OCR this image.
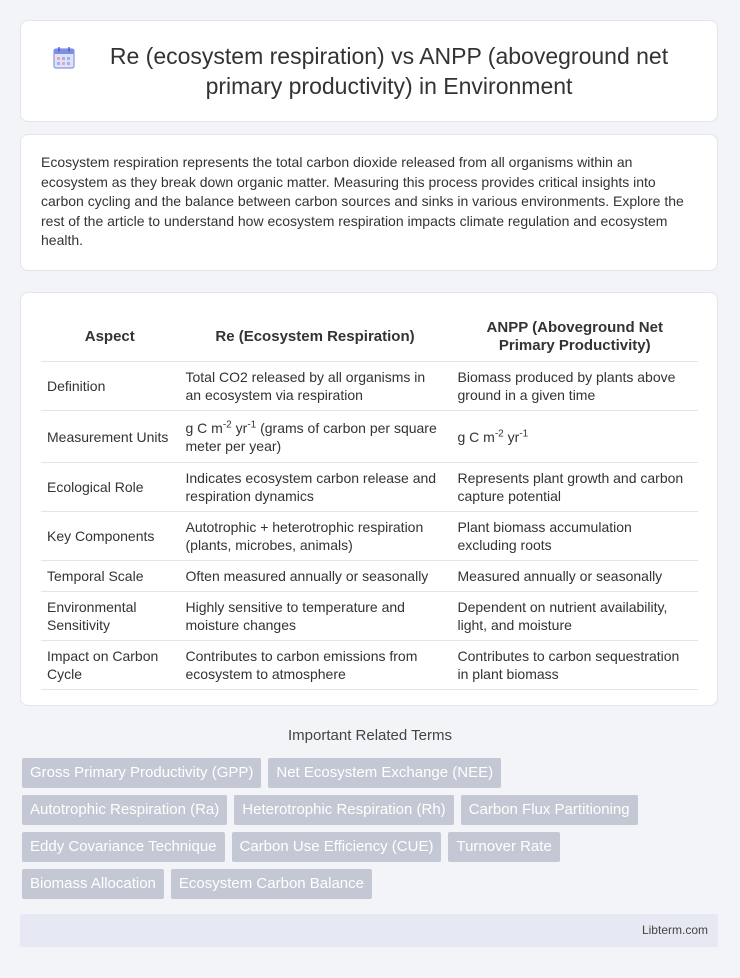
Re (ecosystem respiration) vs ANPP (aboveground net primary productivity) in Environment

Ecosystem respiration represents the total carbon dioxide released from all organisms within an ecosystem as they break down organic matter. Measuring this process provides critical insights into carbon cycling and the balance between carbon sources and sinks in various environments. Explore the rest of the article to understand how ecosystem respiration impacts climate regulation and ecosystem health.

Aspect	Re (Ecosystem Respiration)	ANPP (Aboveground Net Primary Productivity)
Definition	Total CO2 released by all organisms in an ecosystem via respiration	Biomass produced by plants above ground in a given time
Measurement Units	g C $m^{-2}$ $yr^{-1}$ (grams of carbon per square meter per year)	g C $m^{-2}$ $yr^{-1}$
Ecological Role	Indicates ecosystem carbon release and respiration dynamics	Represents plant growth and carbon capture potential
Key Components	Autotrophic + heterotrophic respiration (plants, microbes, animals)	Plant biomass accumulation excluding roots
Temporal Scale	Often measured annually or seasonally	Measured annually or seasonally
Environmental Sensitivity	Highly sensitive to temperature and moisture changes	Dependent on nutrient availability, light, and moisture
Impact on Carbon Cycle	Contributes to carbon emissions from ecosystem to atmosphere	Contributes to carbon sequestration in plant biomass
Important Related Terms
Gross Primary Productivity (GPP)	Net Ecosystem Exchange (NEE)
Autotrophic Respiration (Ra)	Heterotrophic Respiration (Rh)	Carbon Flux Partitioning
Eddy Covariance Technique	Carbon Use Efficiency (CUE)	Turnover Rate
Biomass Allocation	Ecosystem Carbon Balance
Libterm.com
